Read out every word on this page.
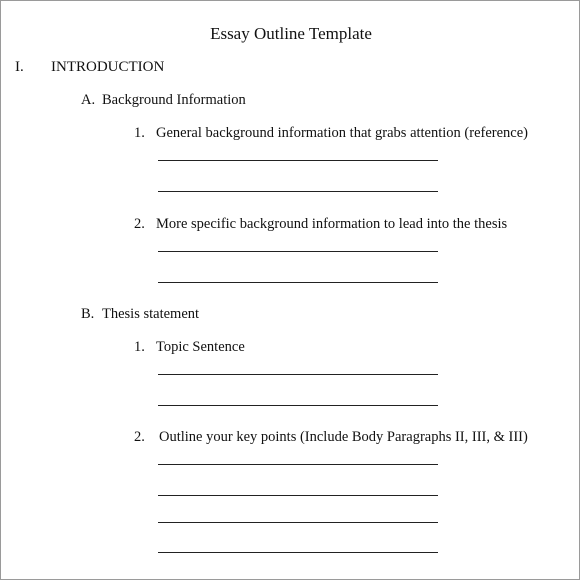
Essay Outline Template
I. INTRODUCTION
A. Background Information
1. General background information that grabs attention (reference)
2. More specific background information to lead into the thesis
B. Thesis statement
1. Topic Sentence
2. Outline your key points (Include Body Paragraphs II, III, & III)
